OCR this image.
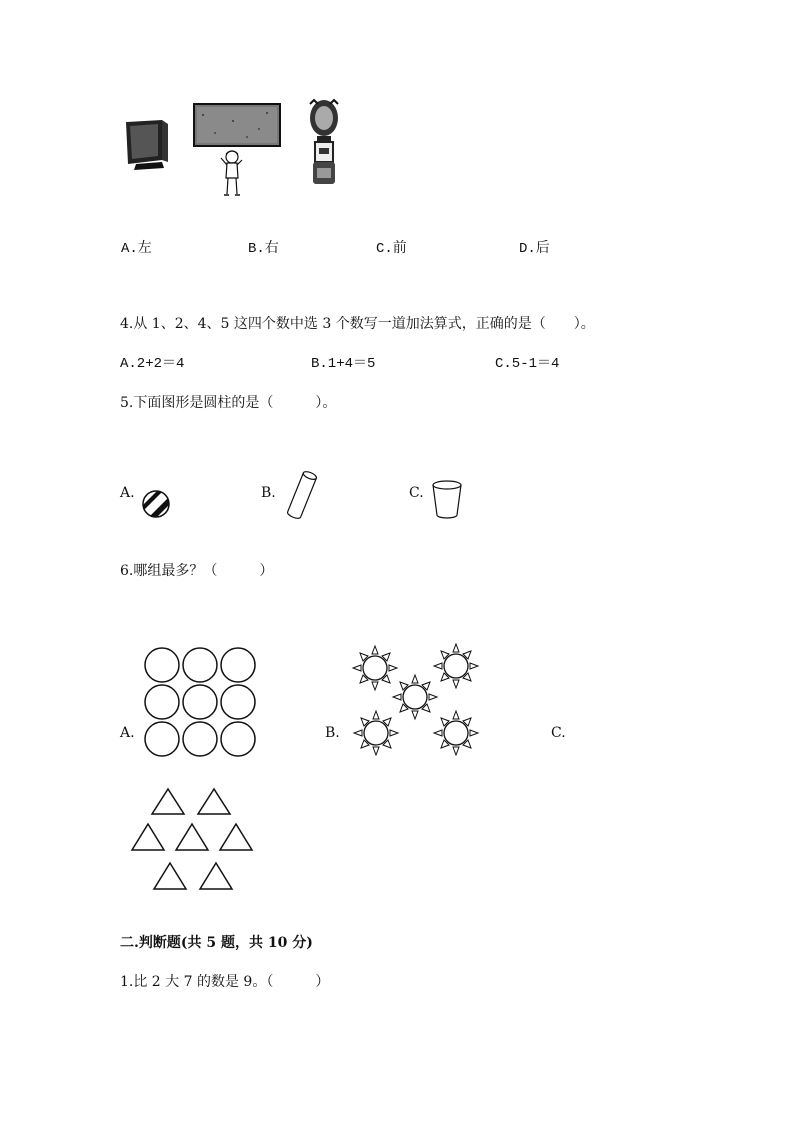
A.左	B.右	C.前	D.后
4.从 1、2、4、5 这四个数中选 3 个数写一道加法算式，正确的是（　　）。
A.2+2＝4	B.1+4＝5	C.5-1＝4
5.下面图形是圆柱的是（　　　）。
A.	B.	C.
6.哪组最多？（　　　）
A.	B.	C.
二.判断题(共 5 题，共 10 分)
1.比 2 大 7 的数是 9。（　　　）
